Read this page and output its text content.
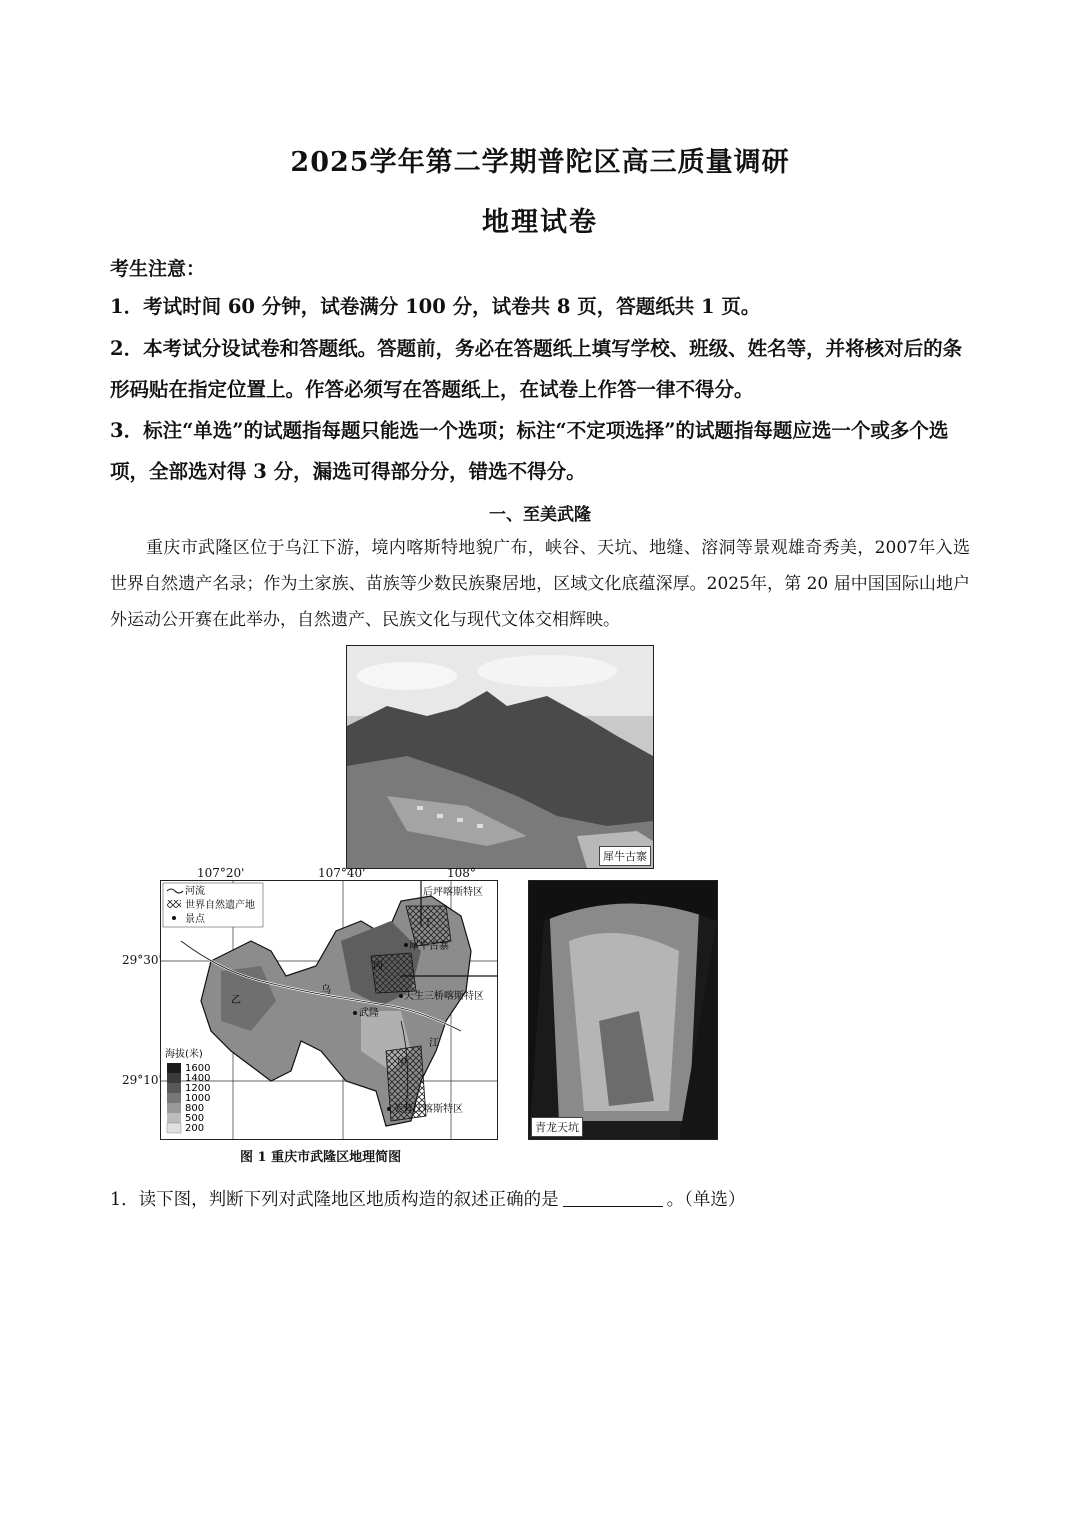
2025学年第二学期普陀区高三质量调研
地理试卷
考生注意：
1．考试时间 60 分钟，试卷满分 100 分，试卷共 8 页，答题纸共 1 页。
2．本考试分设试卷和答题纸。答题前，务必在答题纸上填写学校、班级、姓名等，并将核对后的条形码贴在指定位置上。作答必须写在答题纸上，在试卷上作答一律不得分。
3．标注“单选”的试题指每题只能选一个选项；标注“不定项选择”的试题指每题应选一个或多个选项，全部选对得 3 分，漏选可得部分分，错选不得分。
一、至美武隆
重庆市武隆区位于乌江下游，境内喀斯特地貌广布，峡谷、天坑、地缝、溶洞等景观雄奇秀美，2007年入选世界自然遗产名录；作为土家族、苗族等少数民族聚居地，区域文化底蕴深厚。2025年，第 20 届中国国际山地户外运动公开赛在此举办，自然遗产、民族文化与现代文体交相辉映。
犀牛古寨
青龙天坑
107°20'	107°40'	108°
29°30'
29°10'
河流
世界自然遗产地
景点
海拔(米)
1600
1400
1200
1000
800
500
200
后坪喀斯特区
犀牛古寨
天生三桥喀斯特区
芙蓉江喀斯特区
乙
乌
江
甲
丙
武隆
丁
图 1 重庆市武隆区地理简图
1．读下图，判断下列对武隆地区地质构造的叙述正确的是	。（单选）
